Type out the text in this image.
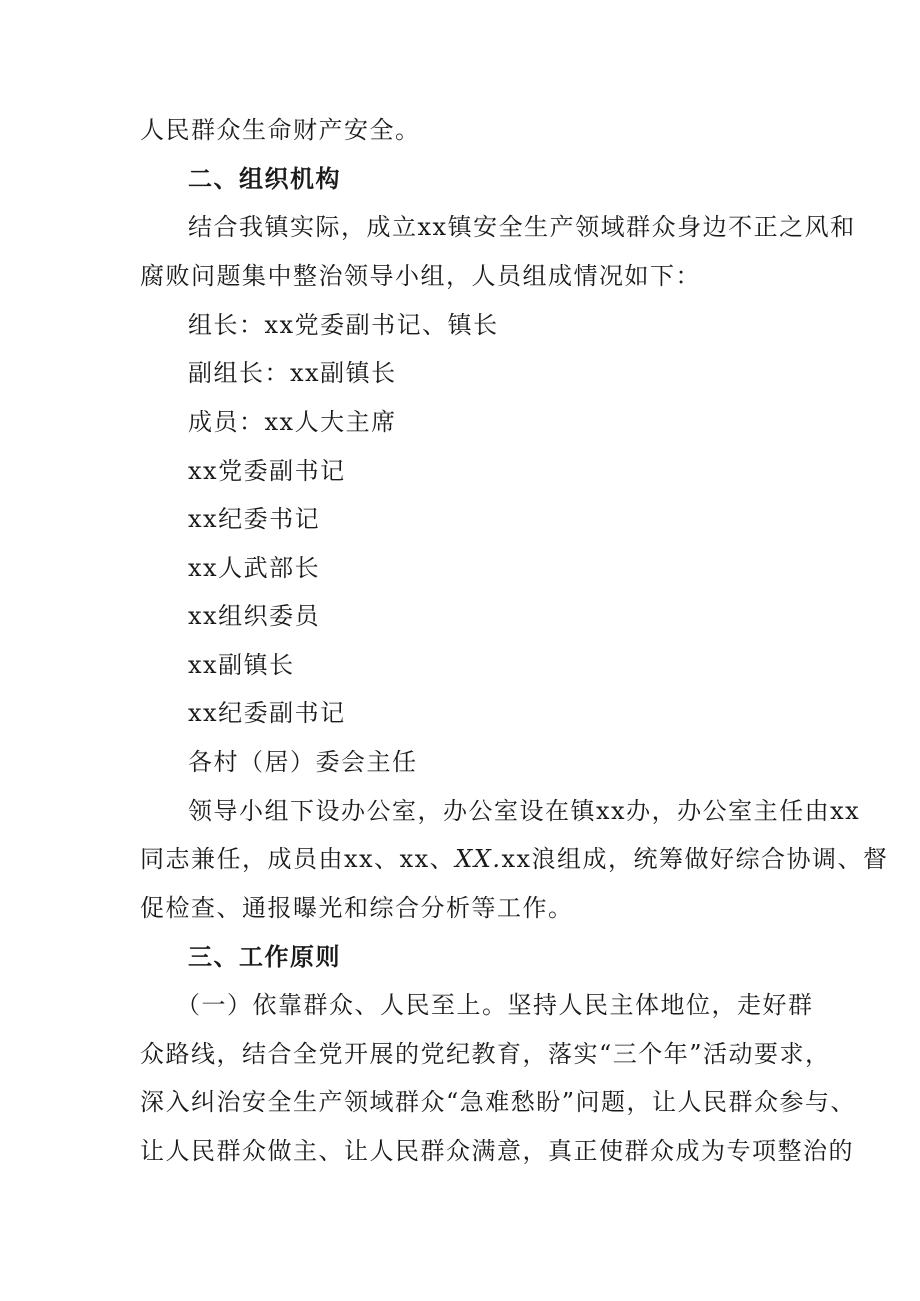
人民群众生命财产安全。
二、组织机构
结合我镇实际，成立xx镇安全生产领域群众身边不正之风和
腐败问题集中整治领导小组，人员组成情况如下：
组长：xx党委副书记、镇长
副组长：xx副镇长
成员：xx人大主席
xx党委副书记
xx纪委书记
xx人武部长
xx组织委员
xx副镇长
xx纪委副书记
各村（居）委会主任
领导小组下设办公室，办公室设在镇xx办，办公室主任由xx
同志兼任，成员由xx、xx、XX.xx浪组成，统筹做好综合协调、督
促检查、通报曝光和综合分析等工作。
三、工作原则
（一）依靠群众、人民至上。坚持人民主体地位，走好群
众路线，结合全党开展的党纪教育，落实“三个年”活动要求，
深入纠治安全生产领域群众“急难愁盼”问题，让人民群众参与、
让人民群众做主、让人民群众满意，真正使群众成为专项整治的
